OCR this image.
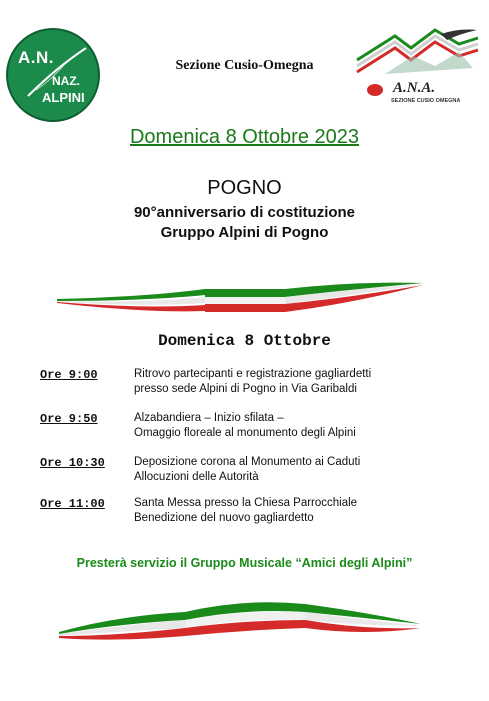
A.N.
NAZ.
ALPINI
Sezione Cusio-Omegna
A.N.A.
SEZIONE CUSIO OMEGNA
Domenica 8 Ottobre 2023
POGNO
90°anniversario di costituzione
Gruppo Alpini di Pogno
Domenica 8 Ottobre
Ore 9:00	Ritrovo partecipanti e registrazione gagliardetti
presso sede Alpini di Pogno in Via Garibaldi
Ore 9:50	Alzabandiera – Inizio sfilata –
Omaggio floreale al monumento degli Alpini
Ore 10:30	Deposizione corona al Monumento ai Caduti
Allocuzioni delle Autorità
Ore 11:00	Santa Messa presso la Chiesa Parrocchiale
Benedizione del nuovo gagliardetto
Presterà servizio il Gruppo Musicale “Amici degli Alpini”
